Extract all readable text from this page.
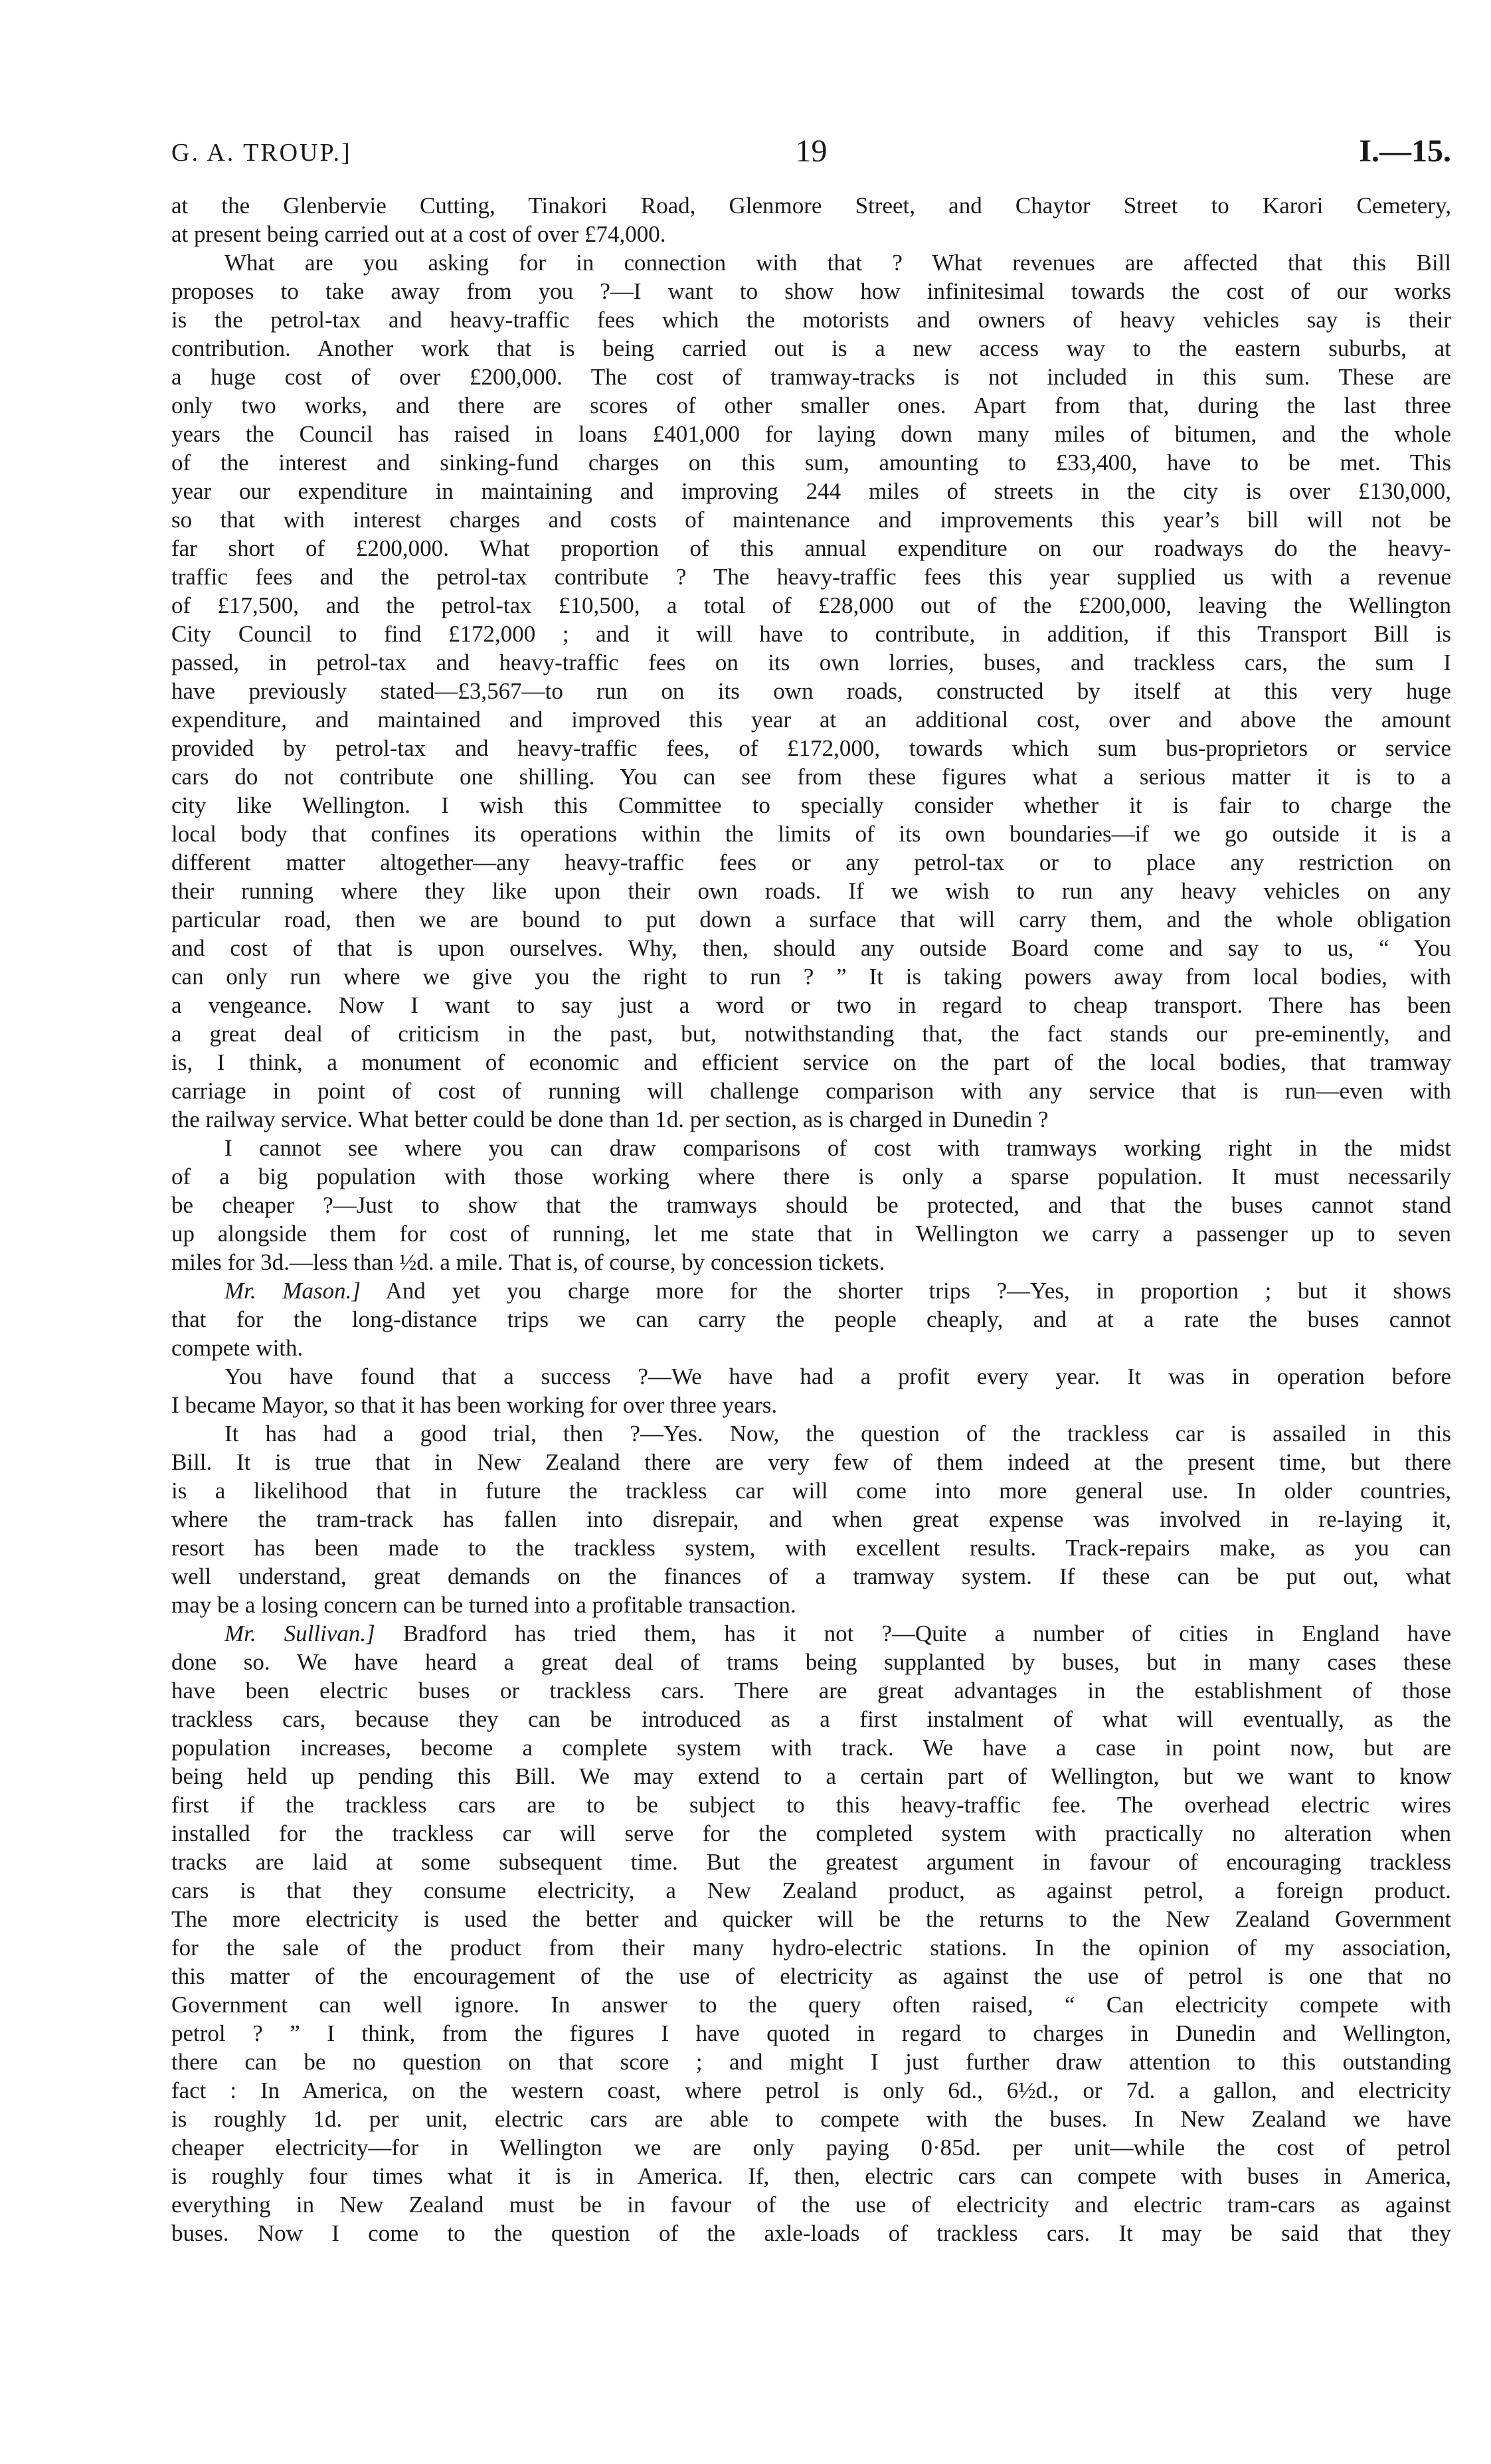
G. A. TROUP.]	19	I.—15.
at the Glenbervie Cutting, Tinakori Road, Glenmore Street, and Chaytor Street to Karori Cemetery,
at present being carried out at a cost of over £74,000.
What are you asking for in connection with that ? What revenues are affected that this Bill
proposes to take away from you ?—I want to show how infinitesimal towards the cost of our works
is the petrol-tax and heavy-traffic fees which the motorists and owners of heavy vehicles say is their
contribution. Another work that is being carried out is a new access way to the eastern suburbs, at
a huge cost of over £200,000. The cost of tramway-tracks is not included in this sum. These are
only two works, and there are scores of other smaller ones. Apart from that, during the last three
years the Council has raised in loans £401,000 for laying down many miles of bitumen, and the whole
of the interest and sinking-fund charges on this sum, amounting to £33,400, have to be met. This
year our expenditure in maintaining and improving 244 miles of streets in the city is over £130,000,
so that with interest charges and costs of maintenance and improvements this year’s bill will not be
far short of £200,000. What proportion of this annual expenditure on our roadways do the heavy-
traffic fees and the petrol-tax contribute ? The heavy-traffic fees this year supplied us with a revenue
of £17,500, and the petrol-tax £10,500, a total of £28,000 out of the £200,000, leaving the Wellington
City Council to find £172,000 ; and it will have to contribute, in addition, if this Transport Bill is
passed, in petrol-tax and heavy-traffic fees on its own lorries, buses, and trackless cars, the sum I
have previously stated—£3,567—to run on its own roads, constructed by itself at this very huge
expenditure, and maintained and improved this year at an additional cost, over and above the amount
provided by petrol-tax and heavy-traffic fees, of £172,000, towards which sum bus-proprietors or service
cars do not contribute one shilling. You can see from these figures what a serious matter it is to a
city like Wellington. I wish this Committee to specially consider whether it is fair to charge the
local body that confines its operations within the limits of its own boundaries—if we go outside it is a
different matter altogether—any heavy-traffic fees or any petrol-tax or to place any restriction on
their running where they like upon their own roads. If we wish to run any heavy vehicles on any
particular road, then we are bound to put down a surface that will carry them, and the whole obligation
and cost of that is upon ourselves. Why, then, should any outside Board come and say to us, “ You
can only run where we give you the right to run ? ” It is taking powers away from local bodies, with
a vengeance. Now I want to say just a word or two in regard to cheap transport. There has been
a great deal of criticism in the past, but, notwithstanding that, the fact stands our pre-eminently, and
is, I think, a monument of economic and efficient service on the part of the local bodies, that tramway
carriage in point of cost of running will challenge comparison with any service that is run—even with
the railway service. What better could be done than 1d. per section, as is charged in Dunedin ?
I cannot see where you can draw comparisons of cost with tramways working right in the midst
of a big population with those working where there is only a sparse population. It must necessarily
be cheaper ?—Just to show that the tramways should be protected, and that the buses cannot stand
up alongside them for cost of running, let me state that in Wellington we carry a passenger up to seven
miles for 3d.—less than ½d. a mile. That is, of course, by concession tickets.
Mr. Mason.] And yet you charge more for the shorter trips ?—Yes, in proportion ; but it shows
that for the long-distance trips we can carry the people cheaply, and at a rate the buses cannot
compete with.
You have found that a success ?—We have had a profit every year. It was in operation before
I became Mayor, so that it has been working for over three years.
It has had a good trial, then ?—Yes. Now, the question of the trackless car is assailed in this
Bill. It is true that in New Zealand there are very few of them indeed at the present time, but there
is a likelihood that in future the trackless car will come into more general use. In older countries,
where the tram-track has fallen into disrepair, and when great expense was involved in re-laying it,
resort has been made to the trackless system, with excellent results. Track-repairs make, as you can
well understand, great demands on the finances of a tramway system. If these can be put out, what
may be a losing concern can be turned into a profitable transaction.
Mr. Sullivan.] Bradford has tried them, has it not ?—Quite a number of cities in England have
done so. We have heard a great deal of trams being supplanted by buses, but in many cases these
have been electric buses or trackless cars. There are great advantages in the establishment of those
trackless cars, because they can be introduced as a first instalment of what will eventually, as the
population increases, become a complete system with track. We have a case in point now, but are
being held up pending this Bill. We may extend to a certain part of Wellington, but we want to know
first if the trackless cars are to be subject to this heavy-traffic fee. The overhead electric wires
installed for the trackless car will serve for the completed system with practically no alteration when
tracks are laid at some subsequent time. But the greatest argument in favour of encouraging trackless
cars is that they consume electricity, a New Zealand product, as against petrol, a foreign product.
The more electricity is used the better and quicker will be the returns to the New Zealand Government
for the sale of the product from their many hydro-electric stations. In the opinion of my association,
this matter of the encouragement of the use of electricity as against the use of petrol is one that no
Government can well ignore. In answer to the query often raised, “ Can electricity compete with
petrol ? ” I think, from the figures I have quoted in regard to charges in Dunedin and Wellington,
there can be no question on that score ; and might I just further draw attention to this outstanding
fact : In America, on the western coast, where petrol is only 6d., 6½d., or 7d. a gallon, and electricity
is roughly 1d. per unit, electric cars are able to compete with the buses. In New Zealand we have
cheaper electricity—for in Wellington we are only paying 0·85d. per unit—while the cost of petrol
is roughly four times what it is in America. If, then, electric cars can compete with buses in America,
everything in New Zealand must be in favour of the use of electricity and electric tram-cars as against
buses. Now I come to the question of the axle-loads of trackless cars. It may be said that they
